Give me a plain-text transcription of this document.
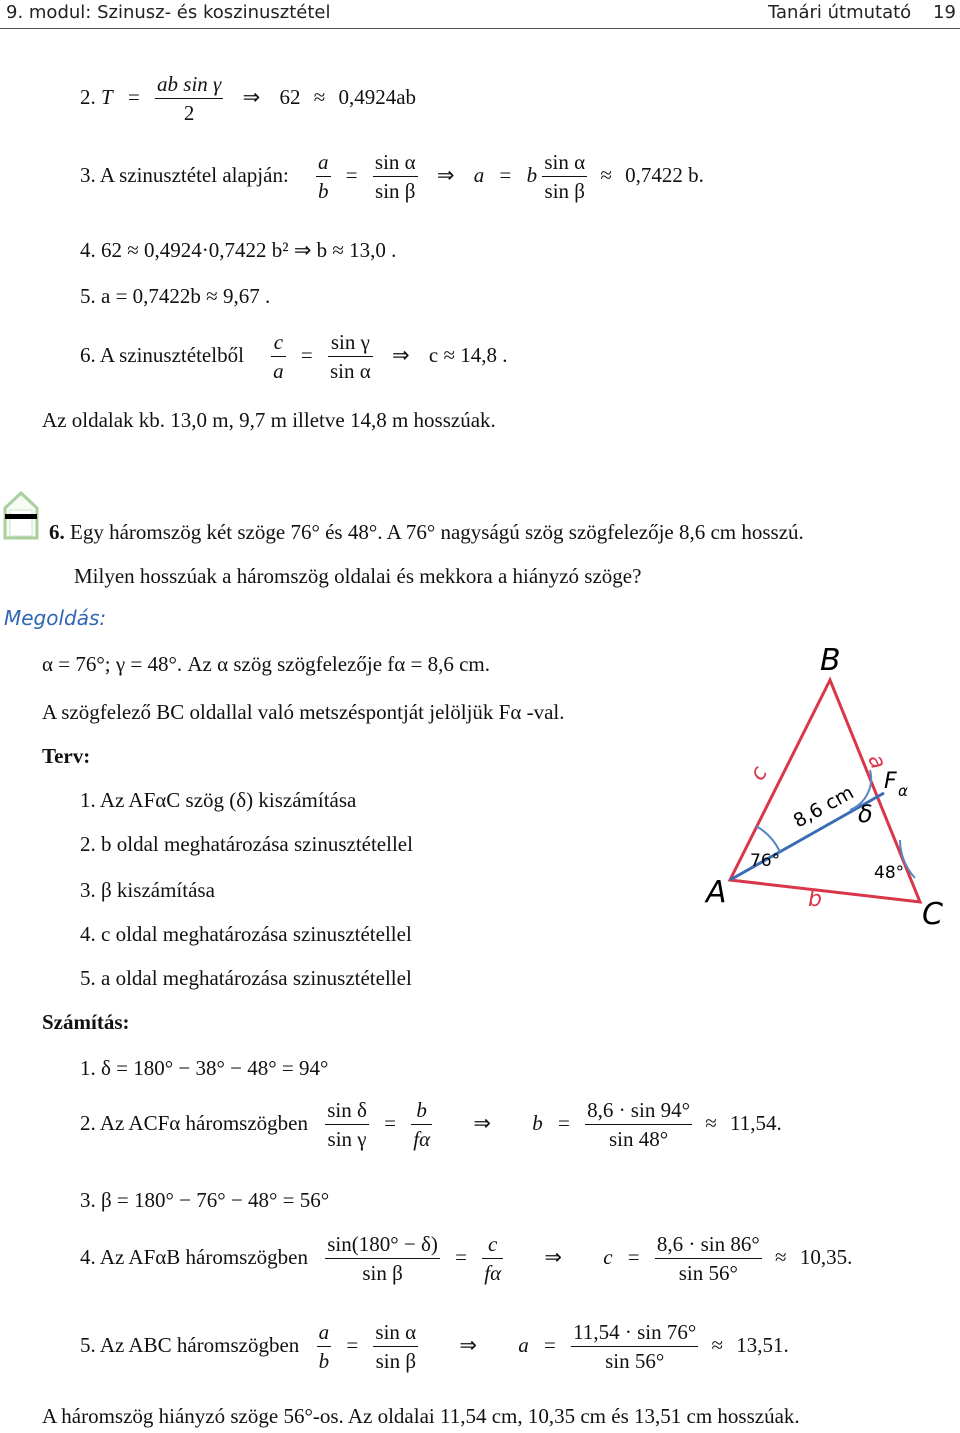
9. modul: Szinusz- és koszinusztétel	Tanári útmutató 19
2. $T = \frac{\text{ab sin γ}}{2}$ ⇒ 62 ≈ 0,4924ab
3. A szinusztétel alapján: $\frac{a}{b} = \frac{\text{sin α}}{\text{sin β}}$ ⇒ a = b $\frac{\text{sin α}}{\text{sin β}} \approx 0,7422$ b.
4. 62 ≈ 0,4924·0,7422 b² ⇒ b ≈ 13,0 .
5. a = 0,7422b ≈ 9,67 .
6. A szinusztételből $\frac{c}{a} = \frac{\text{sin γ}}{\text{sin α}}$ ⇒ c ≈ 14,8 .
Az oldalak kb. 13,0 m, 9,7 m illetve 14,8 m hosszúak.
6. Egy háromszög két szöge 76° és 48°. A 76° nagyságú szög szögfelezője 8,6 cm hosszú.
Milyen hosszúak a háromszög oldalai és mekkora a hiányzó szöge?
Megoldás:
α = 76°; γ = 48°. Az α szög szögfelezője fα = 8,6 cm.
A szögfelező BC oldallal való metszéspontját jelöljük Fα -val.
Terv:
1. Az AFαC szög (δ) kiszámítása
2. b oldal meghatározása szinusztétellel
3. β kiszámítása
4. c oldal meghatározása szinusztétellel
5. a oldal meghatározása szinusztétellel
Számítás:
1. δ = 180° − 38° − 48° = 94°
2. Az ACFα háromszögben $\frac{\text{sin δ}}{\text{sin γ}} = \frac{b}{f\alpha}$ ⇒ $b = \frac{8,6 \cdot \sin 94^\circ}{\sin 48^\circ} \approx 11,54$.
3. β = 180° − 76° − 48° = 56°
4. Az AFαB háromszögben $\frac{\sin(180^\circ - \delta)}{\text{sin β}} = \frac{c}{f\alpha}$ ⇒ $c = \frac{8,6 \cdot \sin 86^\circ}{\sin 56^\circ} \approx 10,35$.
5. Az ABC háromszögben $\frac{a}{b} = \frac{\text{sin α}}{\text{sin β}}$ ⇒ $a = \frac{11,54 \cdot \sin 76^\circ}{\sin 56^\circ} \approx 13,51$.
A háromszög hiányzó szöge 56°-os. Az oldalai 11,54 cm, 10,35 cm és 13,51 cm hosszúak.
B
A
C
c
a
b
8,6 cm δ
76°
48°
F α
